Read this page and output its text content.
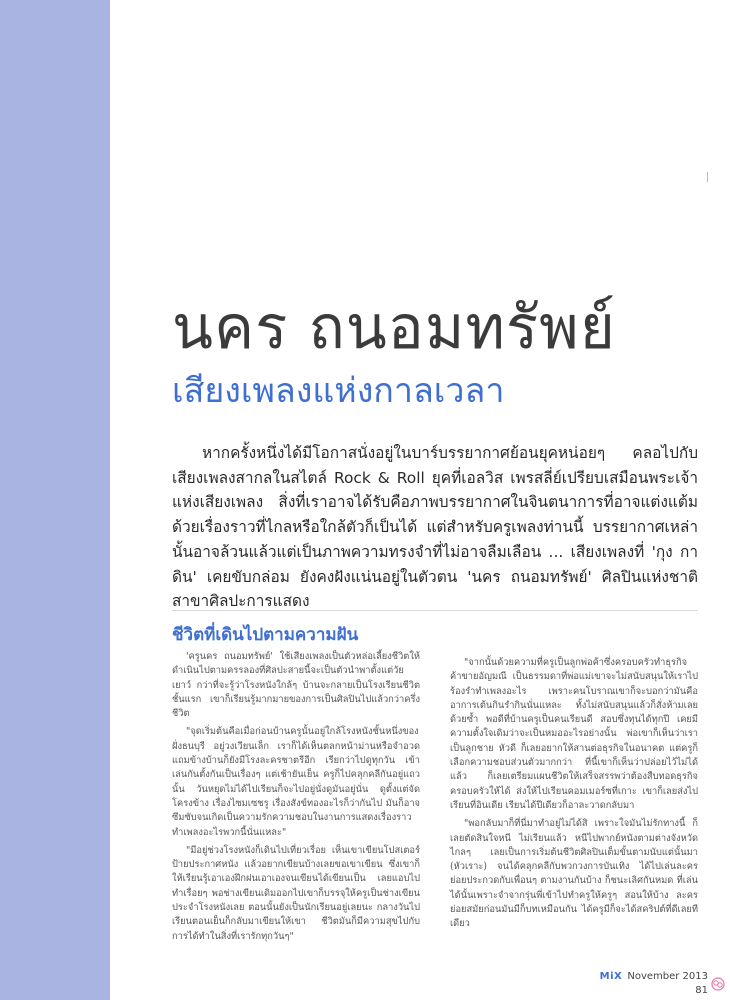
นคร ถนอมทรัพย์
เสียงเพลงแห่งกาลเวลา

หากครั้งหนึ่งได้มีโอกาสนั่งอยู่ในบาร์บรรยากาศย้อนยุคหน่อยๆ คลอไปกับเสียงเพลงสากลในสไตล์ Rock & Roll ยุคที่เอลวิส เพรสลี่ย์เปรียบเสมือนพระเจ้าแห่งเสียงเพลง สิ่งที่เราอาจได้รับคือภาพบรรยากาศในจินตนาการที่อาจแต่งแต้มด้วยเรื่องราวที่ไกลหรือใกล้ตัวก็เป็นได้ แต่สำหรับครูเพลงท่านนี้ บรรยากาศเหล่านั้นอาจล้วนแล้วแต่เป็นภาพความทรงจำที่ไม่อาจลืมเลือน ... เสียงเพลงที่ 'กุง กาดิน' เคยขับกล่อม ยังคงฝังแน่นอยู่ในตัวตน 'นคร ถนอมทรัพย์' ศิลปินแห่งชาติสาขาศิลปะการแสดง

ชีวิตที่เดินไปตามความฝัน

'ครูนคร ถนอมทรัพย์' ใช้เสียงเพลงเป็นตัวหล่อเลี้ยงชีวิตให้ดำเนินไปตามครรลองที่ศิลปะสายนี้จะเป็นตัวนำพาตั้งแต่วัยเยาว์ กว่าที่จะรู้ว่าโรงหนังใกล้ๆ บ้านจะกลายเป็นโรงเรียนชีวิตชั้นแรก เขาก็เรียนรู้มากมายของการเป็นศิลปินไปแล้วกว่าครึ่งชีวิต

"จุดเริ่มต้นคือเมื่อก่อนบ้านครูนั้นอยู่ใกล้โรงหนังชั้นหนึ่งของฝั่งธนบุรี อยู่วงเวียนเล็ก เราก็ได้เห็นตลกหน้าม่านหรือจำอวด แถมข้างบ้านก็ยังมีโรงละครชาตรีอีก เรียกว่าไปดูทุกวัน เข้าเล่นกันตั้งกันเป็นเรื่องๆ แต่เช้ายันเย็น ครูก็ไปคลุกคลีกันอยู่แถวนั้น วันหยุดไม่ได้ไปเรียนก็จะไปอยู่นั่งดูมันอยู่นั่น ดูตั้งแต่จัดโครงข้าง เรื่องไซมเซชรู เรื่องสังข์ทองอะไรก็ว่ากันไป มันก็อาจซึมซับจนเกิดเป็นความรักความชอบในงานการแสดงเรื่องราวทำเพลงอะไรพวกนี้นั่นแหละ"

"มีอยู่ช่วงโรงหนังก็เดินไปเที่ยวเรื่อย เห็นเขาเขียนโปสเตอร์ป้ายประกาศหนัง แล้วอยากเขียนบ้างเลยขอเขาเขียน ซึ่งเขาก็ให้เรียนรู้เอาเองฝึกฝนเอาเองจนเขียนได้เขียนเป็น เลยแอบไปทำเรื่อยๆ พอช่างเขียนเดิมออกไปเขาก็บรรจุให้ครูเป็นช่างเขียนประจำโรงหนังเลย ตอนนั้นยังเป็นนักเรียนอยู่เลยนะ กลางวันไปเรียนตอนเย็นก็กลับมาเขียนให้เขา ชีวิตมันก็มีความสุขไปกับการได้ทำในสิ่งที่เรารักทุกวันๆ"

"จากนั้นด้วยความที่ครูเป็นลูกพ่อค้าซึ่งครอบครัวทำธุรกิจค้าขายอัญมณี เป็นธรรมดาที่พ่อแม่เขาจะไม่สนับสนุนให้เราไปร้องรำทำเพลงอะไร เพราะคนโบราณเขาก็จะบอกว่ามันคืออาการเต้นกินรำกินนั่นแหละ ทั้งไม่สนับสนุนแล้วก็สั่งห้ามเลยด้วยซ้ำ พอดีที่บ้านครูเป็นคนเรียนดี สอบซึ่งทุนได้ทุกปี เคยมีความตั้งใจเดิมว่าจะเป็นหมออะไรอย่างนั้น พ่อเขาก็เห็นว่าเราเป็นลูกชาย หัวดี ก็เลยอยากให้สานต่อธุรกิจในอนาคต แต่ครูก็เลือกความชอบส่วนตัวมากกว่า ที่นี้เขาก็เห็นว่าปล่อยไว้ไม่ได้แล้ว ก็เลยเตรียมแผนชีวิตให้เสร็จสรรพว่าต้องสืบทอดธุรกิจครอบครัวให้ได้ ส่งให้ไปเรียนคอมเมอร์ซที่เกาะ เขาก็เลยส่งไปเรียนที่อินเดีย เรียนได้ปีเดียวก็อาละวาดกลับมา

"พอกลับมาก็ที่นี่มาทำอยู่ไม่ได้สิ เพราะใจมันไม่รักทางนี้ ก็เลยตัดสินใจหนี ไม่เรียนแล้ว หนีไปพากย์หนังตามต่างจังหวัดไกลๆ เลยเป็นการเริ่มต้นชีวิตศิลปินเต็มขั้นตามนับแต่นั้นมา (หัวเราะ) จนได้คลุกคลีกับพวกวงการบันเทิง ได้ไปเล่นละครย่อยประกวดกับเพื่อนๆ ตามงานกันบ้าง ก็ชนะเลิศกันหมด ที่เล่นได้นั้นเพราะจำจากรุ่นพี่เข้าไปทำครูให้ครูๆ สอนให้บ้าง ละครย่อยสมัยก่อนมันมีก็บทเหมือนกัน ได้ครูมีก็จะได้สคริปต์ที่ดีเลยทีเดียว

MiX November 2013
81
